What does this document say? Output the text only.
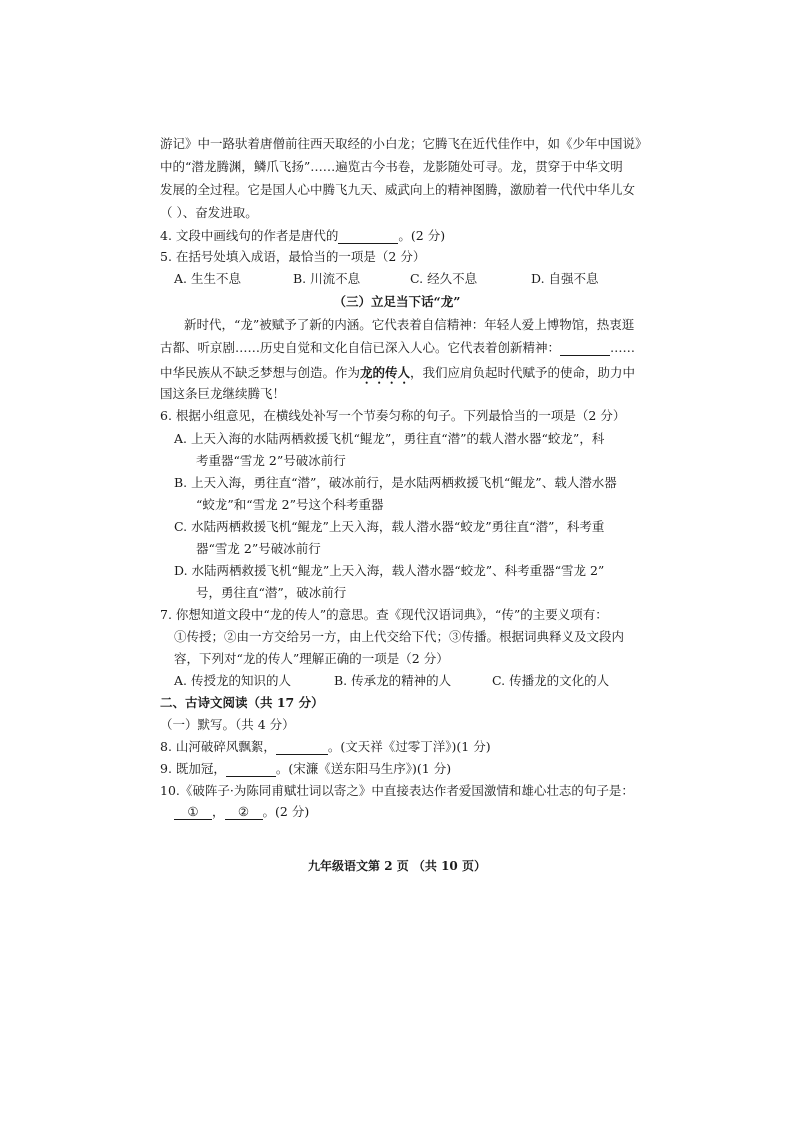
游记》中一路驮着唐僧前往西天取经的小白龙；它腾飞在近代佳作中，如《少年中国说》
中的“潜龙腾渊，鳞爪飞扬”……遍览古今书卷，龙影随处可寻。龙，贯穿于中华文明
发展的全过程。它是国人心中腾飞九天、威武向上的精神图腾，激励着一代代中华儿女
（ ）、奋发进取。
4. 文段中画线句的作者是唐代的	。(2 分)
5. 在括号处填入成语，最恰当的一项是（2 分）
A. 生生不息	B. 川流不息	C. 经久不息	D. 自强不息
（三）立足当下话“龙”
新时代，“龙”被赋予了新的内涵。它代表着自信精神：年轻人爱上博物馆，热衷逛
古都、听京剧……历史自觉和文化自信已深入人心。它代表着创新精神：	……
中华民族从不缺乏梦想与创造。作为龙的传人，我们应肩负起时代赋予的使命，助力中
国这条巨龙继续腾飞！
6. 根据小组意见，在横线处补写一个节奏匀称的句子。下列最恰当的一项是（2 分）
A. 上天入海的水陆两栖救援飞机“鲲龙”，勇往直“潜”的载人潜水器“蛟龙”，科
考重器“雪龙 2”号破冰前行
B. 上天入海，勇往直“潜”，破冰前行，是水陆两栖救援飞机“鲲龙”、载人潜水器
“蛟龙”和“雪龙 2”号这个科考重器
C. 水陆两栖救援飞机“鲲龙”上天入海，载人潜水器“蛟龙”勇往直“潜”，科考重
器“雪龙 2”号破冰前行
D. 水陆两栖救援飞机“鲲龙”上天入海，载人潜水器“蛟龙”、科考重器“雪龙 2”
号，勇往直“潜”，破冰前行
7. 你想知道文段中“龙的传人”的意思。查《现代汉语词典》，“传”的主要义项有：
①传授；②由一方交给另一方，由上代交给下代；③传播。根据词典释义及文段内
容，下列对“龙的传人”理解正确的一项是（2 分）
A. 传授龙的知识的人	B. 传承龙的精神的人	C. 传播龙的文化的人
二、古诗文阅读（共 17 分）
（一）默写。（共 4 分）
8. 山河破碎风飘絮，	。(文天祥《过零丁洋》)(1 分)
9. 既加冠，	。(宋濂《送东阳马生序》)(1 分)
10.《破阵子·为陈同甫赋壮词以寄之》中直接表达作者爱国激情和雄心壮志的句子是：
① ， ② 。(2 分)
九年级语文第 2 页 （共 10 页）
